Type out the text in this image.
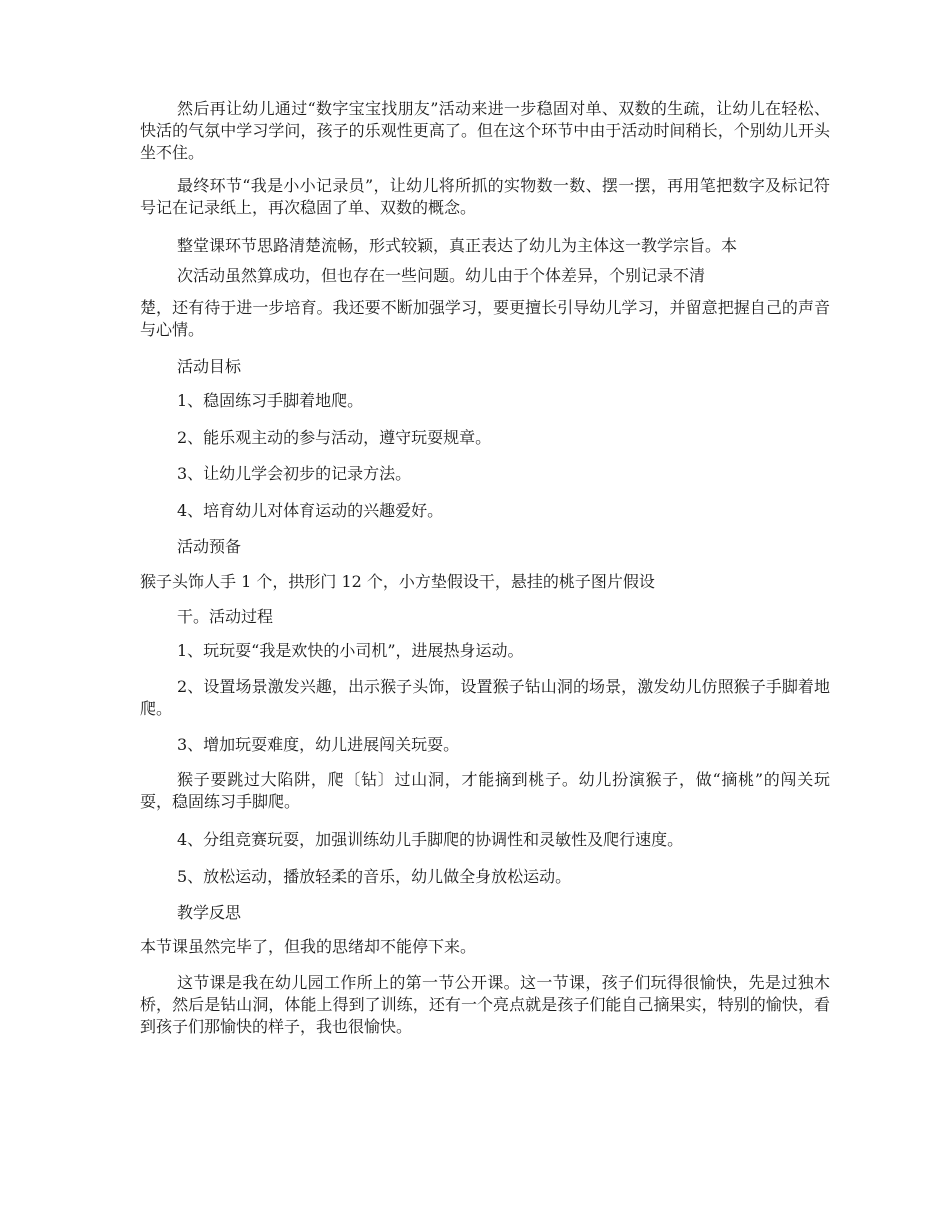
然后再让幼儿通过“数字宝宝找朋友”活动来进一步稳固对单、双数的生疏，让幼儿在轻松、快活的气氛中学习学问，孩子的乐观性更高了。但在这个环节中由于活动时间稍长，个别幼儿开头坐不住。

最终环节“我是小小记录员”，让幼儿将所抓的实物数一数、摆一摆，再用笔把数字及标记符号记在记录纸上，再次稳固了单、双数的概念。

整堂课环节思路清楚流畅，形式较颖，真正表达了幼儿为主体这一教学宗旨。本

次活动虽然算成功，但也存在一些问题。幼儿由于个体差异，个别记录不清

楚，还有待于进一步培育。我还要不断加强学习，要更擅长引导幼儿学习，并留意把握自己的声音与心情。

活动目标

1、稳固练习手脚着地爬。

2、能乐观主动的参与活动，遵守玩耍规章。

3、让幼儿学会初步的记录方法。

4、培育幼儿对体育运动的兴趣爱好。

活动预备

猴子头饰人手 1 个，拱形门 12 个，小方垫假设干，悬挂的桃子图片假设

干。活动过程

1、玩玩耍“我是欢快的小司机”，进展热身运动。

2、设置场景激发兴趣，出示猴子头饰，设置猴子钻山洞的场景，激发幼儿仿照猴子手脚着地爬。

3、增加玩耍难度，幼儿进展闯关玩耍。

猴子要跳过大陷阱，爬〔钻〕过山洞，才能摘到桃子。幼儿扮演猴子，做“摘桃”的闯关玩耍，稳固练习手脚爬。

4、分组竞赛玩耍，加强训练幼儿手脚爬的协调性和灵敏性及爬行速度。

5、放松运动，播放轻柔的音乐，幼儿做全身放松运动。

教学反思

本节课虽然完毕了，但我的思绪却不能停下来。

这节课是我在幼儿园工作所上的第一节公开课。这一节课，孩子们玩得很愉快，先是过独木桥，然后是钻山洞，体能上得到了训练，还有一个亮点就是孩子们能自己摘果实，特别的愉快，看到孩子们那愉快的样子，我也很愉快。
